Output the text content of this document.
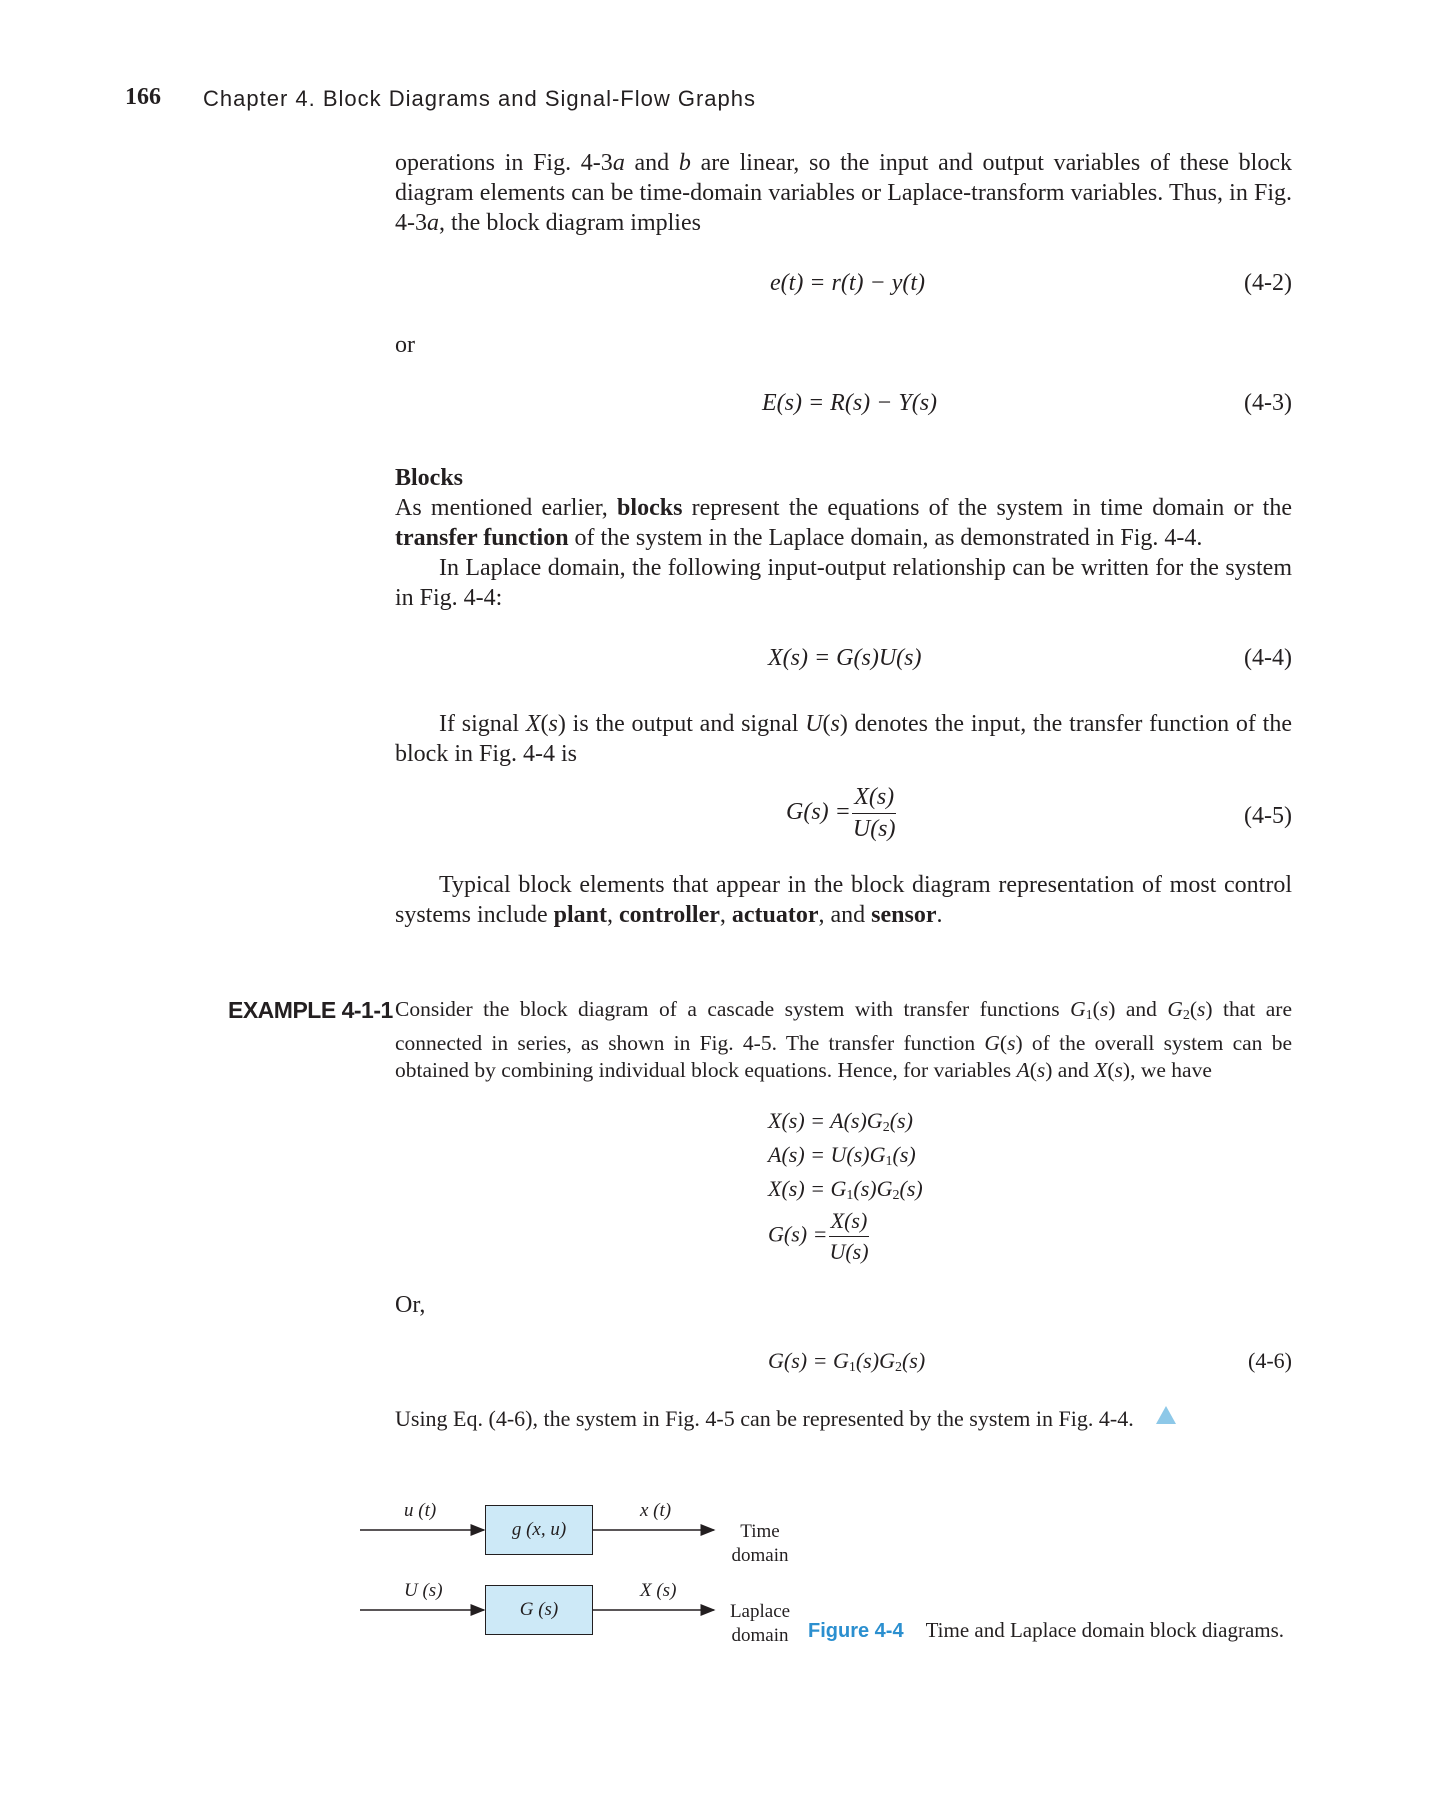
166 Chapter 4. Block Diagrams and Signal-Flow Graphs
operations in Fig. 4-3a and b are linear, so the input and output variables of these block diagram elements can be time-domain variables or Laplace-transform variables. Thus, in Fig. 4-3a, the block diagram implies
e(t) = r(t) − y(t)	(4-2)
or
E(s) = R(s) − Y(s)	(4-3)
Blocks
As mentioned earlier, blocks represent the equations of the system in time domain or the transfer function of the system in the Laplace domain, as demonstrated in Fig. 4-4.
In Laplace domain, the following input-output relationship can be written for the system in Fig. 4-4:
X(s) = G(s)U(s)	(4-4)
If signal X(s) is the output and signal U(s) denotes the input, the transfer function of the block in Fig. 4-4 is
$G(s) = \frac{X(s)}{U(s)}$	(4-5)
Typical block elements that appear in the block diagram representation of most control systems include plant, controller, actuator, and sensor.
EXAMPLE 4-1-1 Consider the block diagram of a cascade system with transfer functions $G_1(s)$ and $G_2(s)$ that are connected in series, as shown in Fig. 4-5. The transfer function G(s) of the overall system can be obtained by combining individual block equations. Hence, for variables A(s) and X(s), we have
$X(s) = A(s)G_2(s)$
$A(s) = U(s)G_1(s)$
$X(s) = G_1(s)G_2(s)$
$G(s) = \frac{X(s)}{U(s)}$
Or,
$G(s) = G_1(s)G_2(s)$	(4-6)
Using Eq. (4-6), the system in Fig. 4-5 can be represented by the system in Fig. 4-4.
u (t)
g (x, u)
x (t)
Time
domain
U (s)
G (s)
X (s)
Laplace
domain Figure 4-4 Time and Laplace domain block diagrams.
